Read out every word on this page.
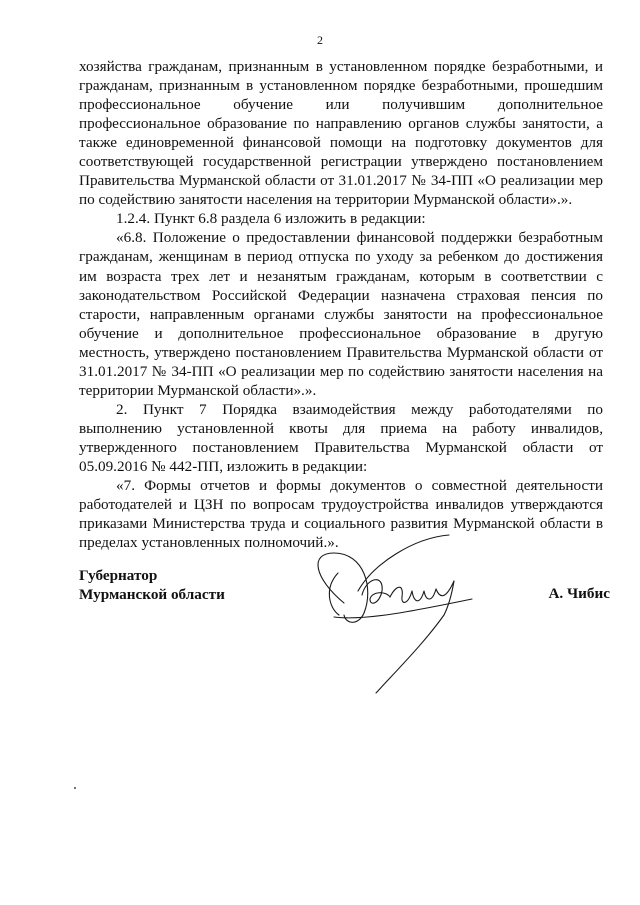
2

хозяйства гражданам, признанным в установленном порядке безработными, и гражданам, признанным в установленном порядке безработными, прошедшим профессиональное обучение или получившим дополнительное профессиональное образование по направлению органов службы занятости, а также единовременной финансовой помощи на подготовку документов для соответствующей государственной регистрации утверждено постановлением Правительства Мурманской области от 31.01.2017 № 34-ПП «О реализации мер по содействию занятости населения на территории Мурманской области».».

1.2.4. Пункт 6.8 раздела 6 изложить в редакции:

«6.8. Положение о предоставлении финансовой поддержки безработным гражданам, женщинам в период отпуска по уходу за ребенком до достижения им возраста трех лет и незанятым гражданам, которым в соответствии с законодательством Российской Федерации назначена страховая пенсия по старости, направленным органами службы занятости на профессиональное обучение и дополнительное профессиональное образование в другую местность, утверждено постановлением Правительства Мурманской области от 31.01.2017 № 34-ПП «О реализации мер по содействию занятости населения на территории Мурманской области».».

2. Пункт 7 Порядка взаимодействия между работодателями по выполнению установленной квоты для приема на работу инвалидов, утвержденного постановлением Правительства Мурманской области от 05.09.2016 № 442-ПП, изложить в редакции:

«7. Формы отчетов и формы документов о совместной деятельности работодателей и ЦЗН по вопросам трудоустройства инвалидов утверждаются приказами Министерства труда и социального развития Мурманской области в пределах установленных полномочий.».

Губернатор
Мурманской области	А. Чибис
